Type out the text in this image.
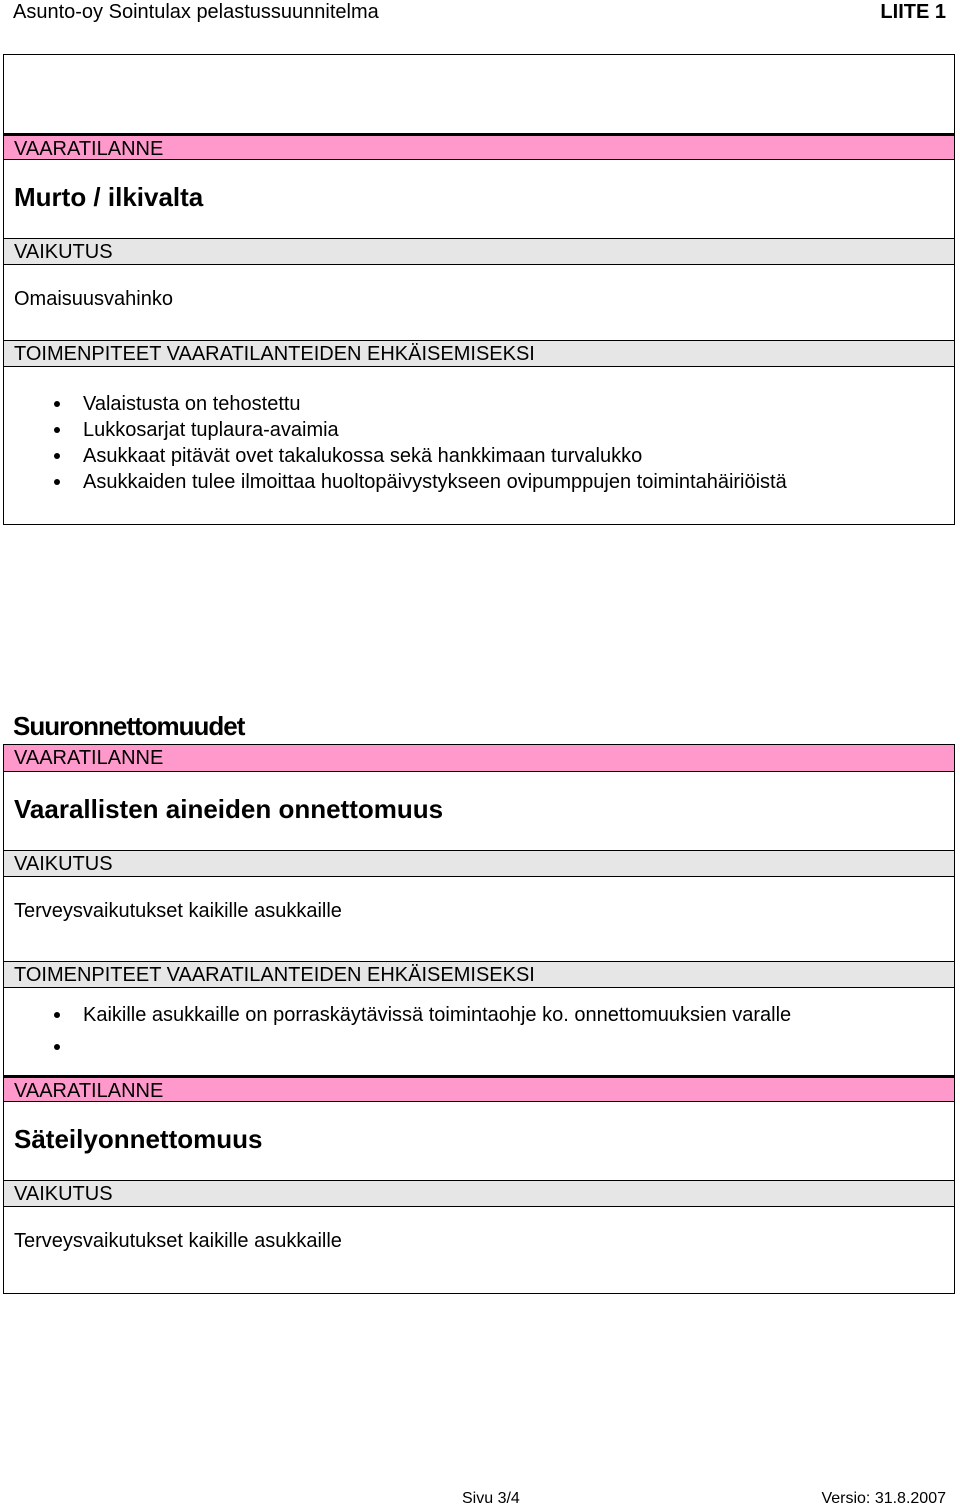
Asunto-oy Sointulax pelastussuunnitelma	LIITE 1
VAARATILANNE
Murto / ilkivalta
VAIKUTUS
Omaisuusvahinko
TOIMENPITEET VAARATILANTEIDEN EHKÄISEMISEKSI
Valaistusta on tehostettu
Lukkosarjat tuplaura-avaimia
Asukkaat pitävät ovet takalukossa sekä hankkimaan turvalukko
Asukkaiden tulee ilmoittaa huoltopäivystykseen ovipumppujen toimintahäiriöistä
Suuronnettomuudet
VAARATILANNE
Vaarallisten aineiden onnettomuus
VAIKUTUS
Terveysvaikutukset kaikille asukkaille
TOIMENPITEET VAARATILANTEIDEN EHKÄISEMISEKSI
Kaikille asukkaille on porraskäytävissä toimintaohje ko. onnettomuuksien varalle
VAARATILANNE
Säteilyonnettomuus
VAIKUTUS
Terveysvaikutukset kaikille asukkaille
Sivu 3/4	Versio: 31.8.2007
